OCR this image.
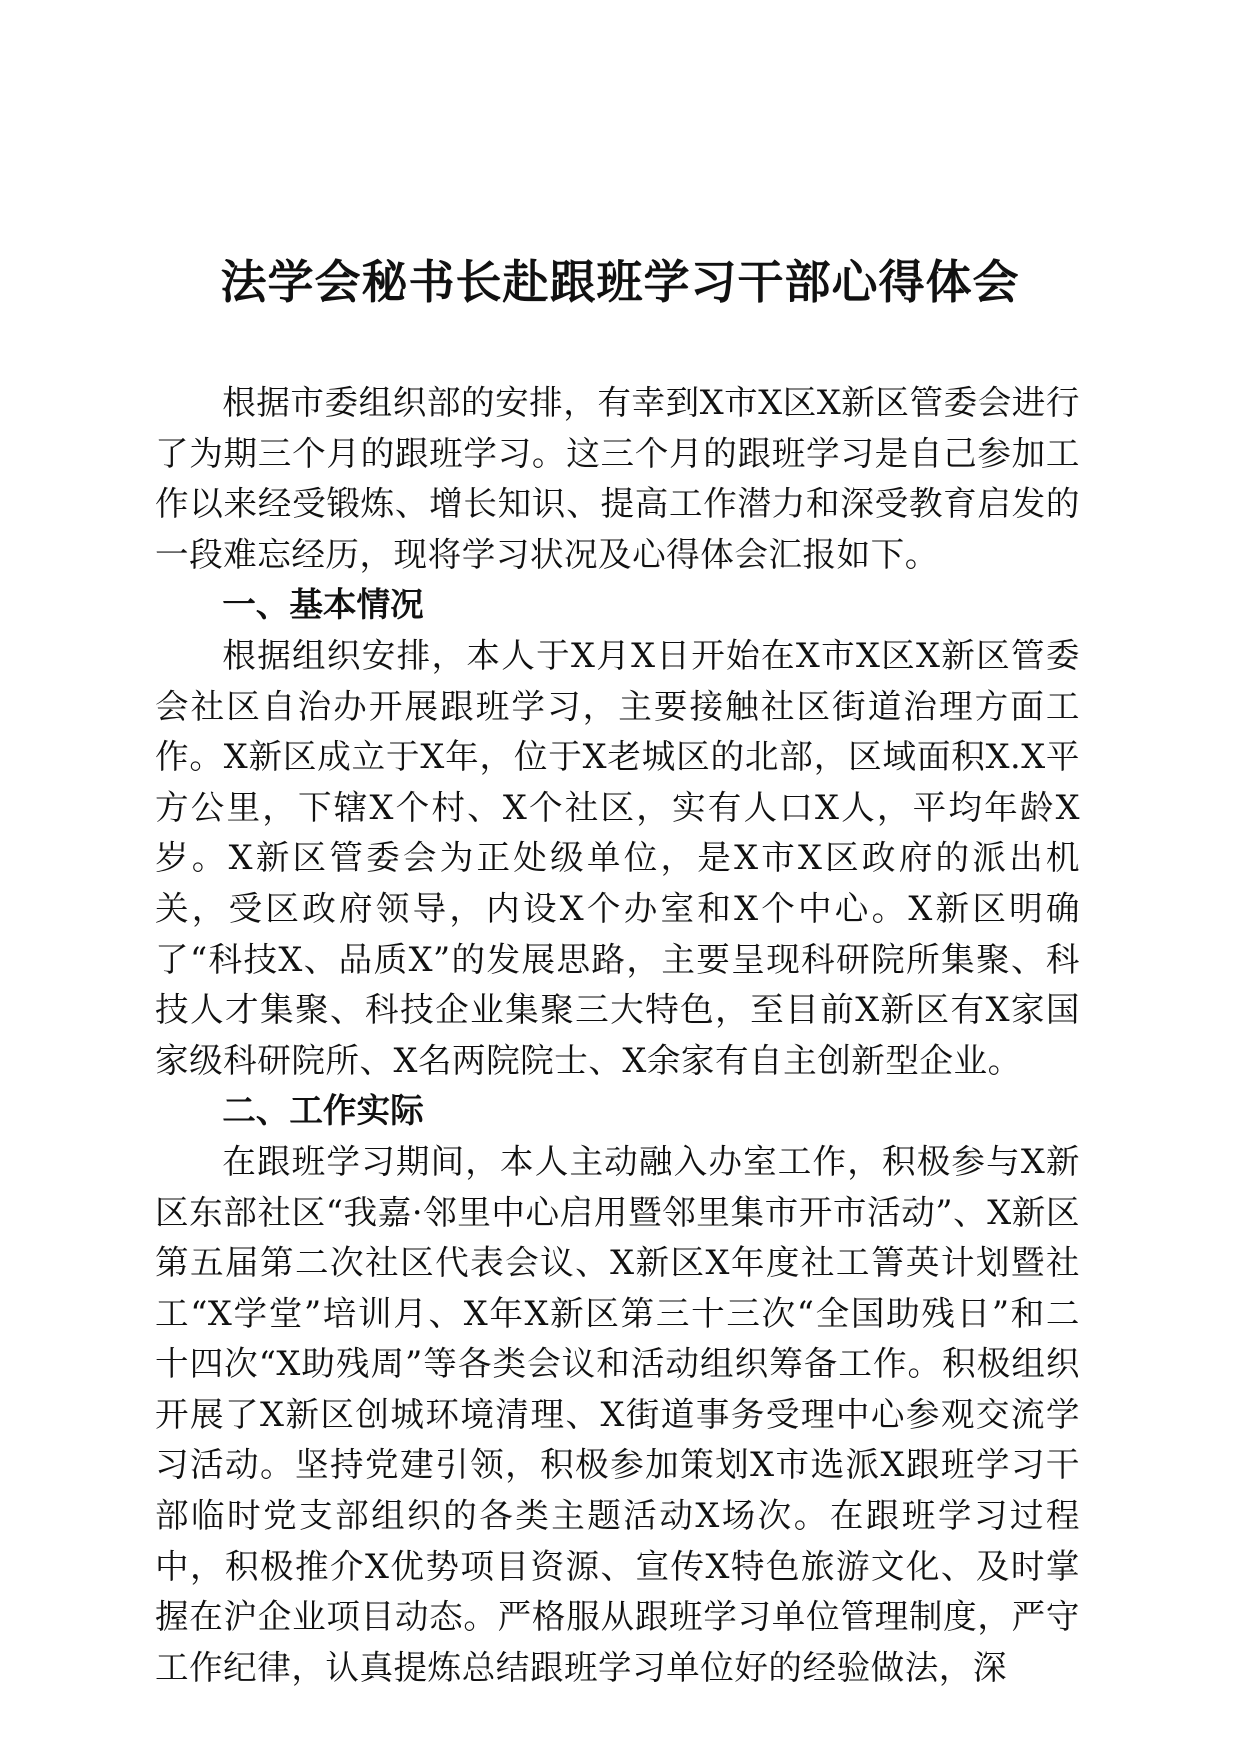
法学会秘书长赴跟班学习干部心得体会

根据市委组织部的安排，有幸到X市X区X新区管委会进行了为期三个月的跟班学习。这三个月的跟班学习是自己参加工作以来经受锻炼、增长知识、提高工作潜力和深受教育启发的一段难忘经历，现将学习状况及心得体会汇报如下。

一、基本情况

根据组织安排，本人于X月X日开始在X市X区X新区管委会社区自治办开展跟班学习，主要接触社区街道治理方面工作。X新区成立于X年，位于X老城区的北部，区域面积X.X平方公里，下辖X个村、X个社区，实有人口X人，平均年龄X岁。X新区管委会为正处级单位，是X市X区政府的派出机关，受区政府领导，内设X个办室和X个中心。X新区明确了“科技X、品质X”的发展思路，主要呈现科研院所集聚、科技人才集聚、科技企业集聚三大特色，至目前X新区有X家国家级科研院所、X名两院院士、X余家有自主创新型企业。

二、工作实际

在跟班学习期间，本人主动融入办室工作，积极参与X新区东部社区“我嘉·邻里中心启用暨邻里集市开市活动”、X新区第五届第二次社区代表会议、X新区X年度社工箐英计划暨社工“X学堂”培训月、X年X新区第三十三次“全国助残日”和二十四次“X助残周”等各类会议和活动组织筹备工作。积极组织开展了X新区创城环境清理、X街道事务受理中心参观交流学习活动。坚持党建引领，积极参加策划X市选派X跟班学习干部临时党支部组织的各类主题活动X场次。在跟班学习过程中，积极推介X优势项目资源、宣传X特色旅游文化、及时掌握在沪企业项目动态。严格服从跟班学习单位管理制度，严守工作纪律，认真提炼总结跟班学习单位好的经验做法，深
